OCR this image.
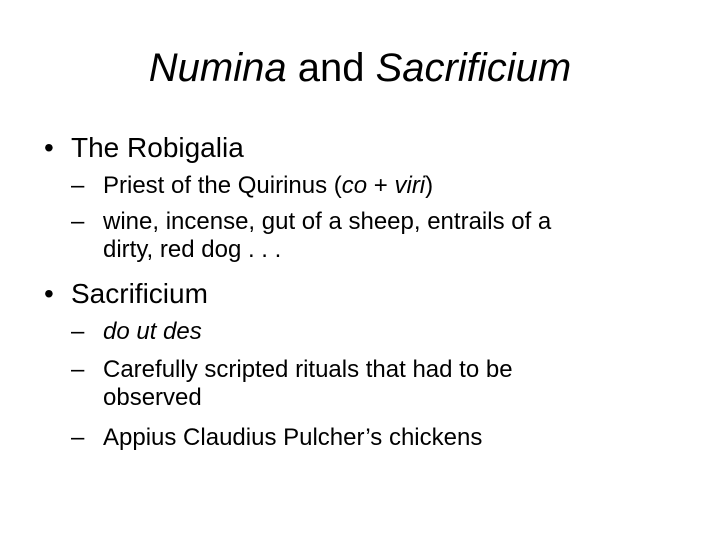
Numina and Sacrificium
• The Robigalia
– Priest of the Quirinus (co + viri)
– wine, incense, gut of a sheep, entrails of a
dirty, red dog . . .
• Sacrificium
– do ut des
– Carefully scripted rituals that had to be
observed
– Appius Claudius Pulcher’s chickens
